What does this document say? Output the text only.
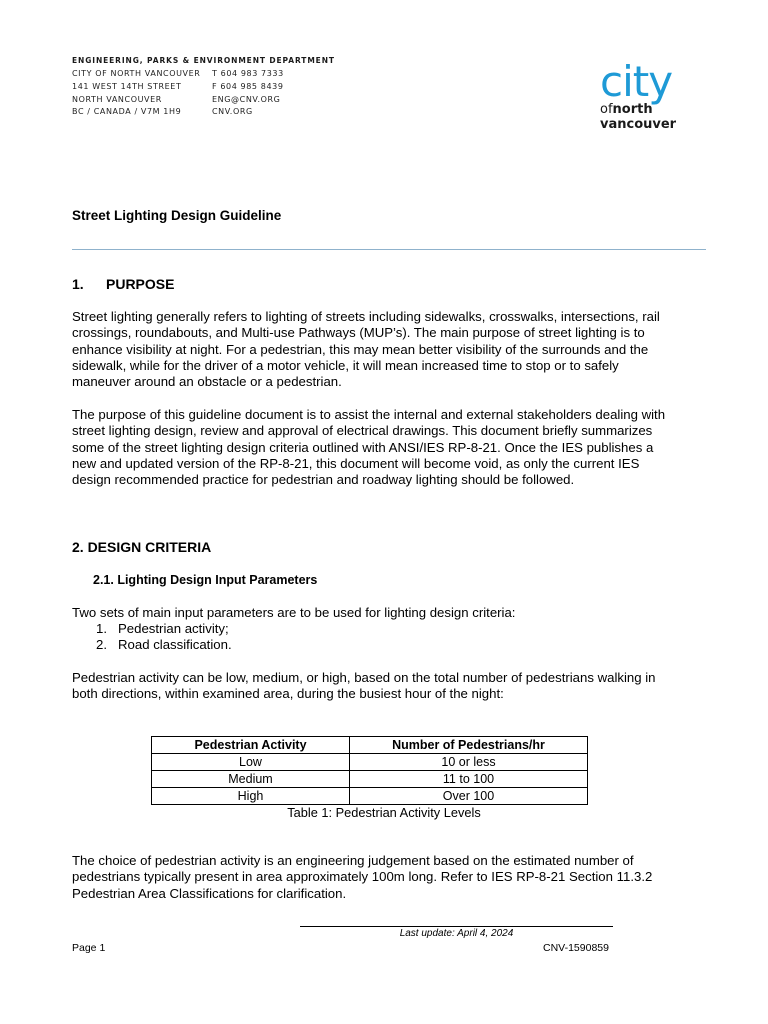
ENGINEERING, PARKS & ENVIRONMENT DEPARTMENT
CITY OF NORTH VANCOUVER
141 WEST 14TH STREET
NORTH VANCOUVER
BC / CANADA / V7M 1H9
T 604 983 7333
F 604 985 8439
ENG@CNV.ORG
CNV.ORG
city
ofnorth
vancouver
Street Lighting Design Guideline
1. PURPOSE
Street lighting generally refers to lighting of streets including sidewalks, crosswalks, intersections, rail
crossings, roundabouts, and Multi-use Pathways (MUP’s). The main purpose of street lighting is to
enhance visibility at night. For a pedestrian, this may mean better visibility of the surrounds and the
sidewalk, while for the driver of a motor vehicle, it will mean increased time to stop or to safely
maneuver around an obstacle or a pedestrian.
The purpose of this guideline document is to assist the internal and external stakeholders dealing with
street lighting design, review and approval of electrical drawings. This document briefly summarizes
some of the street lighting design criteria outlined with ANSI/IES RP-8-21. Once the IES publishes a
new and updated version of the RP-8-21, this document will become void, as only the current IES
design recommended practice for pedestrian and roadway lighting should be followed.
2. DESIGN CRITERIA
2.1. Lighting Design Input Parameters
Two sets of main input parameters are to be used for lighting design criteria:
1. Pedestrian activity;
2. Road classification.
Pedestrian activity can be low, medium, or high, based on the total number of pedestrians walking in
both directions, within examined area, during the busiest hour of the night:
Pedestrian Activity	Number of Pedestrians/hr
Low	10 or less
Medium	11 to 100
High	Over 100
Table 1: Pedestrian Activity Levels
The choice of pedestrian activity is an engineering judgement based on the estimated number of
pedestrians typically present in area approximately 100m long. Refer to IES RP-8-21 Section 11.3.2
Pedestrian Area Classifications for clarification.
Last update: April 4, 2024
Page 1	CNV-1590859
